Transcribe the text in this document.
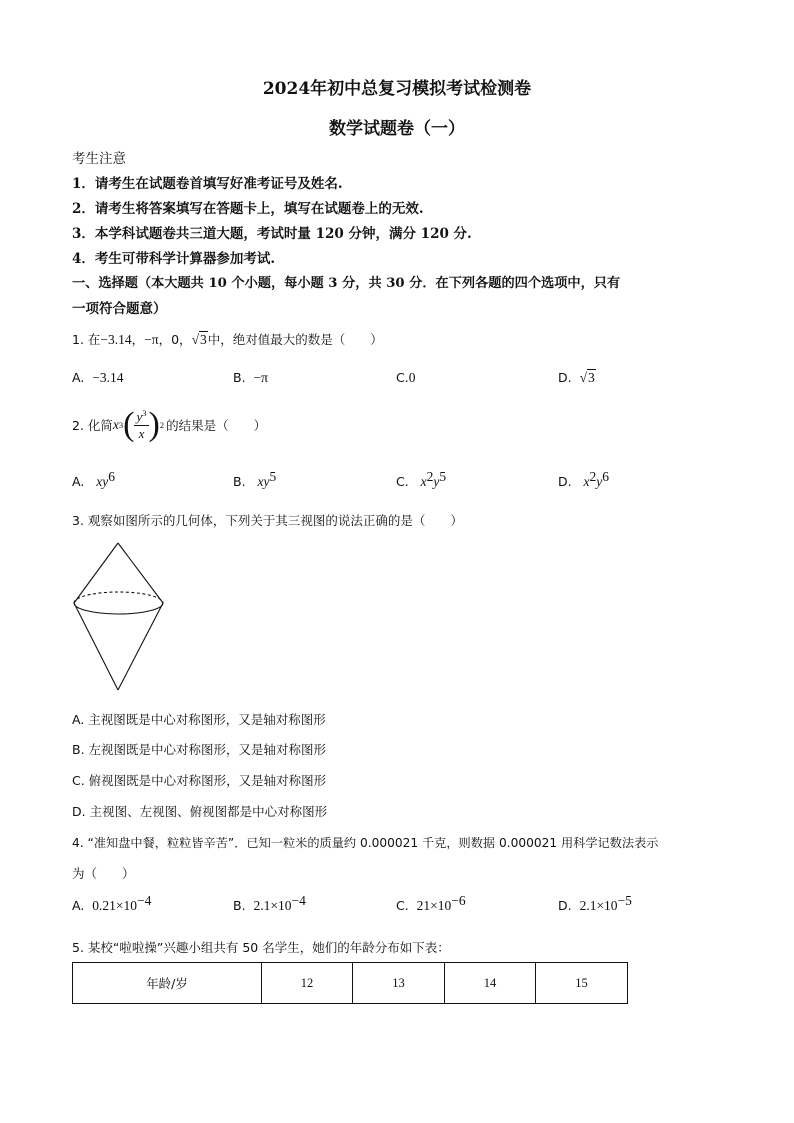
2024年初中总复习模拟考试检测卷
数学试题卷（一）
考生注意
1．请考生在试题卷首填写好准考证号及姓名.
2．请考生将答案填写在答题卡上，填写在试题卷上的无效.
3．本学科试题卷共三道大题，考试时量 120 分钟，满分 120 分.
4．考生可带科学计算器参加考试.
一、选择题（本大题共 10 个小题，每小题 3 分，共 30 分．在下列各题的四个选项中，只有
一项符合题意）
1. 在−3.14，−π，0，√3中，绝对值最大的数是（　　）
A. −3.14	B. −π	C.0	D. √3
2. 化简 x 3 ( $\frac{y^3}{x}$ ) 2 的结果是（　　）
A. $xy^6$	B. $xy^5$	C. $x^2y^5$	D. $x^2y^6$
3. 观察如图所示的几何体，下列关于其三视图的说法正确的是（　　）
A. 主视图既是中心对称图形，又是轴对称图形
B. 左视图既是中心对称图形，又是轴对称图形
C. 俯视图既是中心对称图形，又是轴对称图形
D. 主视图、左视图、俯视图都是中心对称图形
4. “准知盘中餐，粒粒皆辛苦”．已知一粒米的质量约 0.000021 千克，则数据 0.000021 用科学记数法表示
为（　　）
A. $0.21\times 10^{-4}$	B. $2.1\times 10^{-4}$	C. $21\times 10^{-6}$	D. $2.1\times 10^{-5}$
5. 某校“啦啦操”兴趣小组共有 50 名学生，她们的年龄分布如下表：
年龄/岁	12	13	14	15
